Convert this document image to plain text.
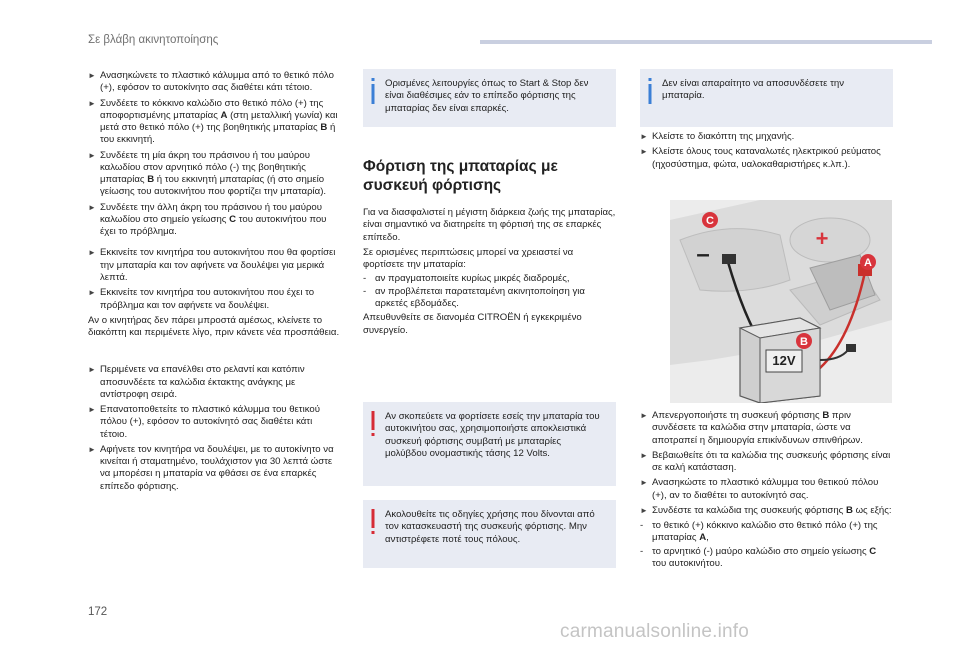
Σε βλάβη ακινητοποίησης
► Ανασηκώνετε το πλαστικό κάλυμμα από το θετικό πόλο (+), εφόσον το αυτοκίνητο σας διαθέτει κάτι τέτοιο.
► Συνδέετε το κόκκινο καλώδιο στο θετικό πόλο (+) της αποφορτισμένης μπαταρίας A (στη μεταλλική γωνία) και μετά στο θετικό πόλο (+) της βοηθητικής μπαταρίας B ή του εκκινητή.
► Συνδέετε τη μία άκρη του πράσινου ή του μαύρου καλωδίου στον αρνητικό πόλο (-) της βοηθητικής μπαταρίας B ή του εκκινητή μπαταρίας (ή στο σημείο γείωσης του αυτοκινήτου που φορτίζει την μπαταρία).
► Συνδέετε την άλλη άκρη του πράσινου ή του μαύρου καλωδίου στο σημείο γείωσης C του αυτοκινήτου που έχει το πρόβλημα.
► Εκκινείτε τον κινητήρα του αυτοκινήτου που θα φορτίσει την μπαταρία και τον αφήνετε να δουλέψει για μερικά λεπτά.
► Εκκινείτε τον κινητήρα του αυτοκινήτου που έχει το πρόβλημα και τον αφήνετε να δουλέψει.
Αν ο κινητήρας δεν πάρει μπροστά αμέσως, κλείνετε το διακόπτη και περιμένετε λίγο, πριν κάνετε νέα προσπάθεια.
► Περιμένετε να επανέλθει στο ρελαντί και κατόπιν αποσυνδέετε τα καλώδια έκτακτης ανάγκης με αντίστροφη σειρά.
► Επανατοποθετείτε το πλαστικό κάλυμμα του θετικού πόλου (+), εφόσον το αυτοκίνητό σας διαθέτει κάτι τέτοιο.
► Αφήνετε τον κινητήρα να δουλέψει, με το αυτοκίνητο να κινείται ή σταματημένο, τουλάχιστον για 30 λεπτά ώστε να μπορέσει η μπαταρία να φθάσει σε ένα επαρκές επίπεδο φόρτισης.
Ορισμένες λειτουργίες όπως το Start & Stop δεν είναι διαθέσιμες εάν το επίπεδο φόρτισης της μπαταρίας δεν είναι επαρκές.
Φόρτιση της μπαταρίας με συσκευή φόρτισης
Για να διασφαλιστεί η μέγιστη διάρκεια ζωής της μπαταρίας, είναι σημαντικό να διατηρείτε τη φόρτισή της σε επαρκές επίπεδο.
Σε ορισμένες περιπτώσεις μπορεί να χρειαστεί να φορτίσετε την μπαταρία:
- αν πραγματοποιείτε κυρίως μικρές διαδρομές,
- αν προβλέπεται παρατεταμένη ακινητοποίηση για αρκετές εβδομάδες.
Απευθυνθείτε σε διανομέα CITROËN ή εγκεκριμένο συνεργείο.
Αν σκοπεύετε να φορτίσετε εσείς την μπαταρία του αυτοκινήτου σας, χρησιμοποιήστε αποκλειστικά συσκευή φόρτισης συμβατή με μπαταρίες μολύβδου ονομαστικής τάσης 12 Volts.
Ακολουθείτε τις οδηγίες χρήσης που δίνονται από τον κατασκευαστή της συσκευής φόρτισης. Μην αντιστρέφετε ποτέ τους πόλους.
Δεν είναι απαραίτητο να αποσυνδέσετε την μπαταρία.
► Κλείστε το διακόπτη της μηχανής.
► Κλείστε όλους τους καταναλωτές ηλεκτρικού ρεύματος (ηχοσύστημα, φώτα, υαλοκαθαριστήρες κ.λπ.).
12V
+
–
C
A
B
► Απενεργοποιήστε τη συσκευή φόρτισης B πριν συνδέσετε τα καλώδια στην μπαταρία, ώστε να αποτραπεί η δημιουργία επικίνδυνων σπινθήρων.
► Βεβαιωθείτε ότι τα καλώδια της συσκευής φόρτισης είναι σε καλή κατάσταση.
► Ανασηκώστε το πλαστικό κάλυμμα του θετικού πόλου (+), αν το διαθέτει το αυτοκίνητό σας.
► Συνδέστε τα καλώδια της συσκευής φόρτισης B ως εξής:
- το θετικό (+) κόκκινο καλώδιο στο θετικό πόλο (+) της μπαταρίας A,
- το αρνητικό (-) μαύρο καλώδιο στο σημείο γείωσης C του αυτοκινήτου.
172
carmanualsonline.info
